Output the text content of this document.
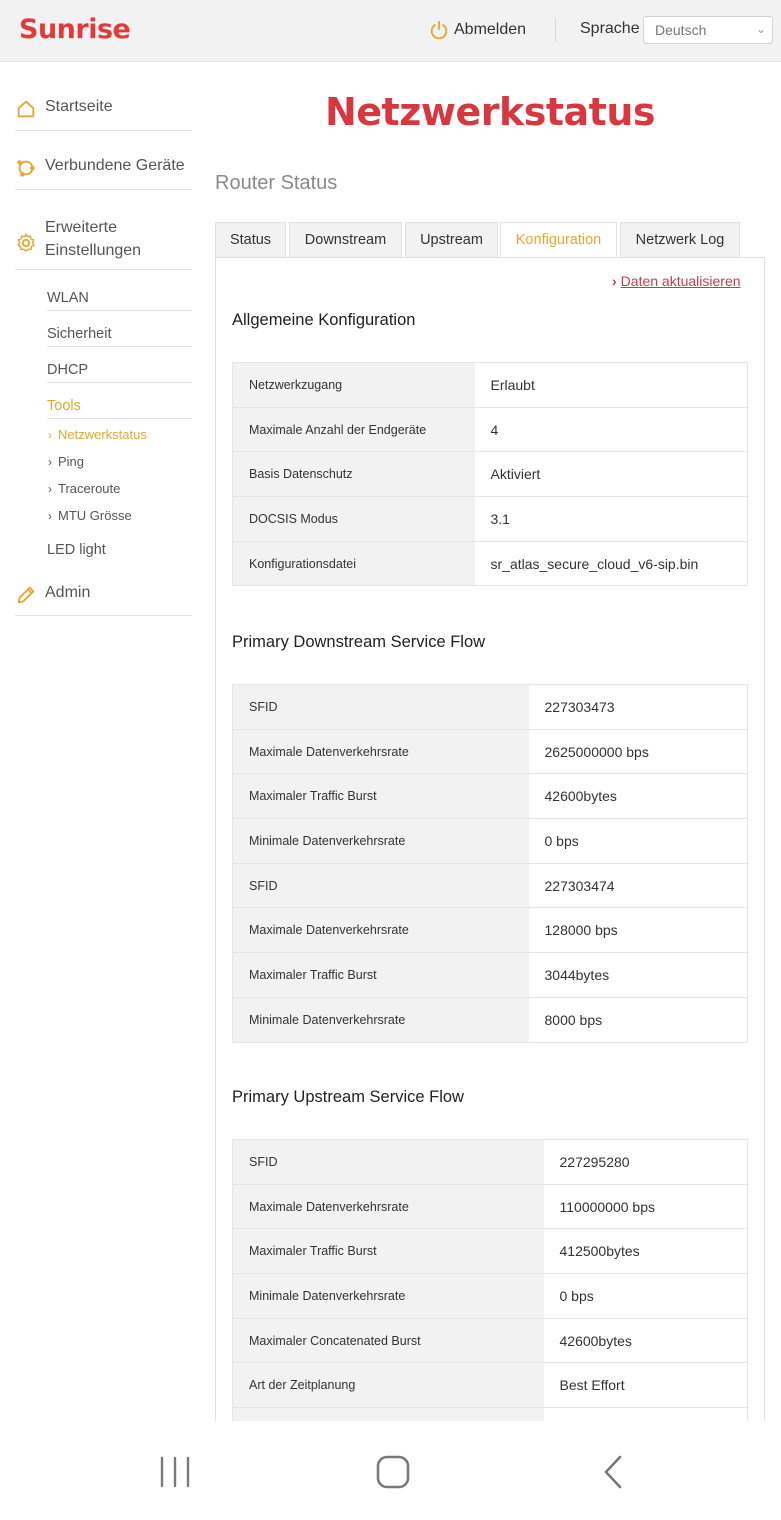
Sunrise	Abmelden	Sprache	Deutsch	⌄
Startseite
Verbundene Geräte
Erweiterte
Einstellungen
WLAN
Sicherheit
DHCP
Tools
› Netzwerkstatus
› Ping
› Traceroute
› MTU Grösse
LED light
Admin
Netzwerkstatus
Router Status
Status Downstream Upstream Konfiguration Netzwerk Log
› Daten aktualisieren
Allgemeine Konfiguration
Netzwerkzugang	Erlaubt
Maximale Anzahl der Endgeräte	4
Basis Datenschutz	Aktiviert
DOCSIS Modus	3.1
Konfigurationsdatei	sr_atlas_secure_cloud_v6-sip.bin
Primary Downstream Service Flow
SFID	227303473
Maximale Datenverkehrsrate	2625000000 bps
Maximaler Traffic Burst	42600bytes
Minimale Datenverkehrsrate	0 bps
SFID	227303474
Maximale Datenverkehrsrate	128000 bps
Maximaler Traffic Burst	3044bytes
Minimale Datenverkehrsrate	8000 bps
Primary Upstream Service Flow
SFID	227295280
Maximale Datenverkehrsrate	110000000 bps
Maximaler Traffic Burst	412500bytes
Minimale Datenverkehrsrate	0 bps
Maximaler Concatenated Burst	42600bytes
Art der Zeitplanung	Best Effort
